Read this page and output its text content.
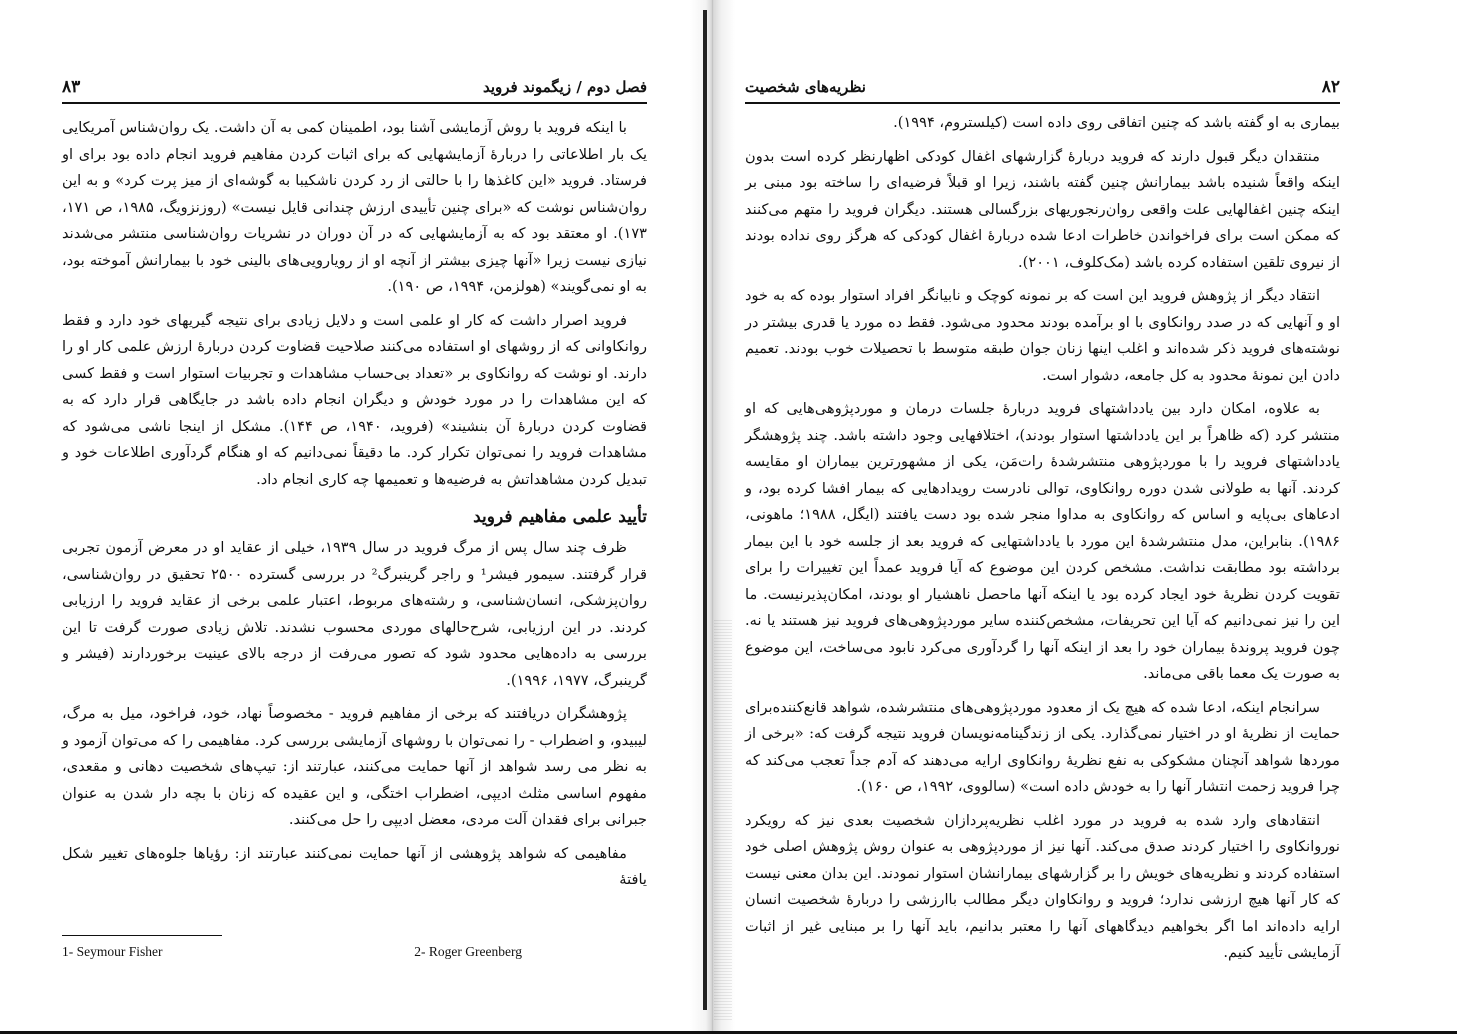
فصل دوم / زیگموند فروید
۸۳

با اینکه فروید با روش آزمایشی آشنا بود، اطمینان کمی به آن داشت. یک روان‌شناس آمریکایی یک بار اطلاعاتی را دربارهٔ آزمایشهایی که برای اثبات کردن مفاهیم فروید انجام داده بود برای او فرستاد. فروید «این کاغذها را با حالتی از رد کردن ناشکیبا به گوشه‌ای از میز پرت کرد» و به این روان‌شناس نوشت که «برای چنین تأییدی ارزش چندانی قایل نیست» (روزنزویگ، ۱۹۸۵، ص ۱۷۱، ۱۷۳). او معتقد بود که به آزمایشهایی که در آن دوران در نشریات روان‌شناسی منتشر می‌شدند نیازی نیست زیرا «آنها چیزی بیشتر از آنچه او از رویارویی‌های بالینی خود با بیمارانش آموخته بود، به او نمی‌گویند» (هولزمن، ۱۹۹۴، ص ۱۹۰).

فروید اصرار داشت که کار او علمی است و دلایل زیادی برای نتیجه گیریهای خود دارد و فقط روانکاوانی که از روشهای او استفاده می‌کنند صلاحیت قضاوت کردن دربارهٔ ارزش علمی کار او را دارند. او نوشت که روانکاوی بر «تعداد بی‌حساب مشاهدات و تجربیات استوار است و فقط کسی که این مشاهدات را در مورد خودش و دیگران انجام داده باشد در جایگاهی قرار دارد که به قضاوت کردن دربارهٔ آن بنشیند» (فروید، ۱۹۴۰، ص ۱۴۴). مشکل از اینجا ناشی می‌شود که مشاهدات فروید را نمی‌توان تکرار کرد. ما دقیقاً نمی‌دانیم که او هنگام گردآوری اطلاعات خود و تبدیل کردن مشاهداتش به فرضیه‌ها و تعمیمها چه کاری انجام داد.

تأیید علمی مفاهیم فروید

ظرف چند سال پس از مرگ فروید در سال ۱۹۳۹، خیلی از عقاید او در معرض آزمون تجربی قرار گرفتند. سیمور فیشر¹ و راجر گرینبرگ² در بررسی گسترده ۲۵۰۰ تحقیق در روان‌شناسی، روان‌پزشکی، انسان‌شناسی، و رشته‌های مربوط، اعتبار علمی برخی از عقاید فروید را ارزیابی کردند. در این ارزیابی، شرح‌حالهای موردی محسوب نشدند. تلاش زیادی صورت گرفت تا این بررسی به داده‌هایی محدود شود که تصور می‌رفت از درجه بالای عینیت برخوردارند (فیشر و گرینبرگ، ۱۹۷۷، ۱۹۹۶).

پژوهشگران دریافتند که برخی از مفاهیم فروید - مخصوصاً نهاد، خود، فراخود، میل به مرگ، لیبیدو، و اضطراب - را نمی‌توان با روشهای آزمایشی بررسی کرد. مفاهیمی را که می‌توان آزمود و به نظر می رسد شواهد از آنها حمایت می‌کنند، عبارتند از: تیپ‌های شخصیت دهانی و مقعدی، مفهوم اساسی مثلث ادیپی، اضطراب اختگی، و این عقیده که زنان با بچه دار شدن به عنوان جبرانی برای فقدان آلت مردی، معضل ادیپی را حل می‌کنند.

مفاهیمی که شواهد پژوهشی از آنها حمایت نمی‌کنند عبارتند از: رؤیاها جلوه‌های تغییر شکل یافتهٔ

1- Seymour Fisher	2- Roger Greenberg
۸۲
نظریه‌های شخصیت

بیماری به او گفته باشد که چنین اتفاقی روی داده است (کیلستروم، ۱۹۹۴).

منتقدان دیگر قبول دارند که فروید دربارهٔ گزارشهای اغفال کودکی اظهارنظر کرده است بدون اینکه واقعاً شنیده باشد بیمارانش چنین گفته باشند، زیرا او قبلاً فرضیه‌ای را ساخته بود مبنی بر اینکه چنین اغفالهایی علت واقعی روان‌رنجوریهای بزرگسالی هستند. دیگران فروید را متهم می‌کنند که ممکن است برای فراخواندن خاطرات ادعا شده دربارهٔ اغفال کودکی که هرگز روی نداده بودند از نیروی تلقین استفاده کرده باشد (مک‌کلوف، ۲۰۰۱).

انتقاد دیگر از پژوهش فروید این است که بر نمونه کوچک و نابیانگر افراد استوار بوده که به خود او و آنهایی که در صدد روانکاوی با او برآمده بودند محدود می‌شود. فقط ده مورد یا قدری بیشتر در نوشته‌های فروید ذکر شده‌اند و اغلب اینها زنان جوان طبقه متوسط با تحصیلات خوب بودند. تعمیم دادن این نمونهٔ محدود به کل جامعه، دشوار است.

به علاوه، امکان دارد بین یادداشتهای فروید دربارهٔ جلسات درمان و موردپژوهی‌هایی که او منتشر کرد (که ظاهراً بر این یادداشتها استوار بودند)، اختلافهایی وجود داشته باشد. چند پژوهشگر یادداشتهای فروید را با موردپژوهی منتشرشدهٔ رات‌مَن، یکی از مشهورترین بیماران او مقایسه کردند. آنها به طولانی شدن دوره روانکاوی، توالی نادرست رویدادهایی که بیمار افشا کرده بود، و ادعاهای بی‌پایه و اساس که روانکاوی به مداوا منجر شده بود دست یافتند (ایگل، ۱۹۸۸؛ ماهونی، ۱۹۸۶). بنابراین، مدل منتشرشدهٔ این مورد با یادداشتهایی که فروید بعد از جلسه خود با این بیمار برداشته بود مطابقت نداشت. مشخص کردن این موضوع که آیا فروید عمداً این تغییرات را برای تقویت کردن نظریهٔ خود ایجاد کرده بود یا اینکه آنها ماحصل ناهشیار او بودند، امکان‌پذیرنیست. ما این را نیز نمی‌دانیم که آیا این تحریفات، مشخص‌کننده سایر موردپژوهی‌های فروید نیز هستند یا نه. چون فروید پروندهٔ بیماران خود را بعد از اینکه آنها را گردآوری می‌کرد نابود می‌ساخت، این موضوع به صورت یک معما باقی می‌ماند.

سرانجام اینکه، ادعا شده که هیچ یک از معدود موردپژوهی‌های منتشرشده، شواهد قانع‌کننده‌برای حمایت از نظریهٔ او در اختیار نمی‌گذارد. یکی از زندگینامه‌نویسان فروید نتیجه گرفت که: «برخی از موردها شواهد آنچنان مشکوکی به نفع نظریهٔ روانکاوی ارایه می‌دهند که آدم جداً تعجب می‌کند که چرا فروید زحمت انتشار آنها را به خودش داده است» (سالووی، ۱۹۹۲، ص ۱۶۰).

انتقادهای وارد شده به فروید در مورد اغلب نظریه‌پردازان شخصیت بعدی نیز که رویکرد نوروانکاوی را اختیار کردند صدق می‌کند. آنها نیز از موردپژوهی به عنوان روش پژوهش اصلی خود استفاده کردند و نظریه‌های خویش را بر گزارشهای بیمارانشان استوار نمودند. این بدان معنی نیست که کار آنها هیچ ارزشی ندارد؛ فروید و روانکاوان دیگر مطالب باارزشی را دربارهٔ شخصیت انسان ارایه داده‌اند اما اگر بخواهیم دیدگاههای آنها را معتبر بدانیم، باید آنها را بر مبنایی غیر از اثبات آزمایشی تأیید کنیم.
